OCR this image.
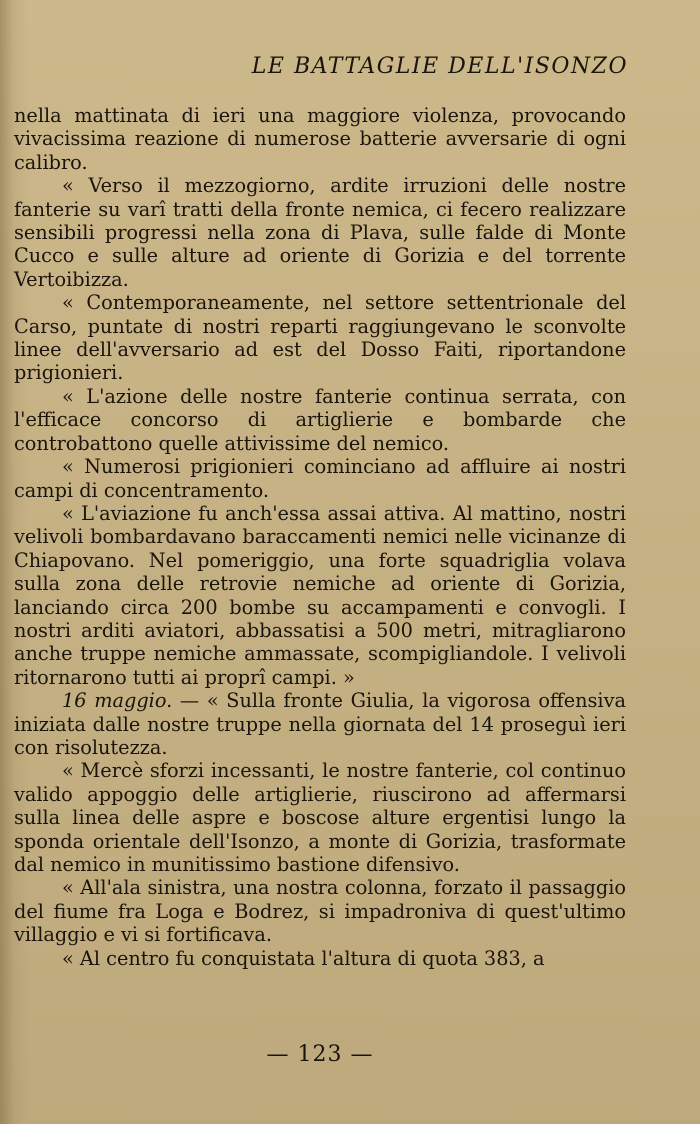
LE BATTAGLIE DELL'ISONZO

nella mattinata di ieri una maggiore violenza, provocando vivacissima reazione di numerose batterie avversarie di ogni calibro.

« Verso il mezzogiorno, ardite irruzioni delle nostre fanterie su varî tratti della fronte nemica, ci fecero realizzare sensibili progressi nella zona di Plava, sulle falde di Monte Cucco e sulle alture ad oriente di Gorizia e del torrente Vertoibizza.

« Contemporaneamente, nel settore settentrionale del Carso, puntate di nostri reparti raggiungevano le sconvolte linee dell'avversario ad est del Dosso Faiti, riportandone prigionieri.

« L'azione delle nostre fanterie continua serrata, con l'efficace concorso di artiglierie e bombarde che controbattono quelle attivissime del nemico.

« Numerosi prigionieri cominciano ad affluire ai nostri campi di concentramento.

« L'aviazione fu anch'essa assai attiva. Al mattino, nostri velivoli bombardavano baraccamenti nemici nelle vicinanze di Chiapovano. Nel pomeriggio, una forte squadriglia volava sulla zona delle retrovie nemiche ad oriente di Gorizia, lanciando circa 200 bombe su accampamenti e convogli. I nostri arditi aviatori, abbassatisi a 500 metri, mitragliarono anche truppe nemiche ammassate, scompigliandole. I velivoli ritornarono tutti ai proprî campi. »

16 maggio. — « Sulla fronte Giulia, la vigorosa offensiva iniziata dalle nostre truppe nella giornata del 14 proseguì ieri con risolutezza.

« Mercè sforzi incessanti, le nostre fanterie, col continuo valido appoggio delle artiglierie, riuscirono ad affermarsi sulla linea delle aspre e boscose alture ergentisi lungo la sponda orientale dell'Isonzo, a monte di Gorizia, trasformate dal nemico in munitissimo bastione difensivo.

« All'ala sinistra, una nostra colonna, forzato il passaggio del fiume fra Loga e Bodrez, si impadroniva di quest'ultimo villaggio e vi si fortificava.

« Al centro fu conquistata l'altura di quota 383, a

— 123 —
